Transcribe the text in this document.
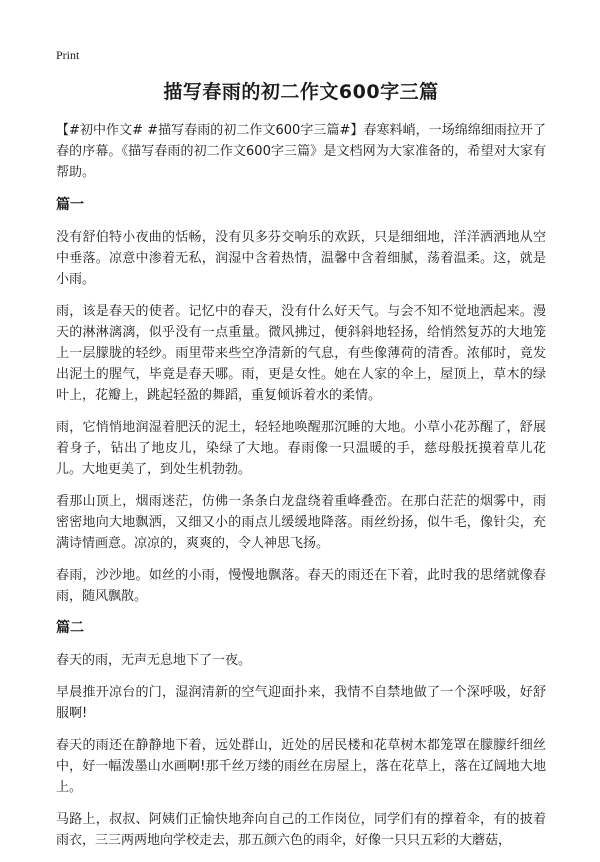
Print
描写春雨的初二作文600字三篇

【#初中作文# #描写春雨的初二作文600字三篇#】春寒料峭，一场绵绵细雨拉开了春的序幕。《描写春雨的初二作文600字三篇》是文档网为大家准备的，希望对大家有帮助。

篇一

没有舒伯特小夜曲的恬畅，没有贝多芬交响乐的欢跃，只是细细地，洋洋洒洒地从空中垂落。凉意中渗着无私，润湿中含着热情，温馨中含着细腻，荡着温柔。这，就是小雨。

雨，该是春天的使者。记忆中的春天，没有什么好天气。与会不知不觉地洒起来。漫天的淋淋漓漓，似乎没有一点重量。微风拂过，便斜斜地轻扬，给悄然复苏的大地笼上一层朦胧的轻纱。雨里带来些空净清新的气息，有些像薄荷的清香。浓郁时，竟发出泥土的腥气，毕竟是春天哪。雨，更是女性。她在人家的伞上，屋顶上，草木的绿叶上，花瓣上，跳起轻盈的舞蹈，重复倾诉着水的柔情。

雨，它悄悄地润湿着肥沃的泥土，轻轻地唤醒那沉睡的大地。小草小花苏醒了，舒展着身子，钻出了地皮儿，染绿了大地。春雨像一只温暖的手，慈母般抚摸着草儿花儿。大地更美了，到处生机勃勃。

看那山顶上，烟雨迷茫，仿佛一条条白龙盘绕着重峰叠峦。在那白茫茫的烟雾中，雨密密地向大地飘洒，又细又小的雨点儿缓缓地降落。雨丝纷扬，似牛毛，像针尖，充满诗情画意。凉凉的，爽爽的，令人神思飞扬。

春雨，沙沙地。如丝的小雨，慢慢地飘落。春天的雨还在下着，此时我的思绪就像春雨，随风飘散。

篇二

春天的雨，无声无息地下了一夜。

早晨推开凉台的门，湿润清新的空气迎面扑来，我情不自禁地做了一个深呼吸，好舒服啊!

春天的雨还在静静地下着，远处群山，近处的居民楼和花草树木都笼罩在朦朦纤细丝中，好一幅泼墨山水画啊!那千丝万缕的雨丝在房屋上，落在花草上，落在辽阔地大地上。

马路上，叔叔、阿姨们正愉快地奔向自己的工作岗位，同学们有的撑着伞，有的披着雨衣，三三两两地向学校走去，那五颜六色的雨伞，好像一只只五彩的大蘑菇，
